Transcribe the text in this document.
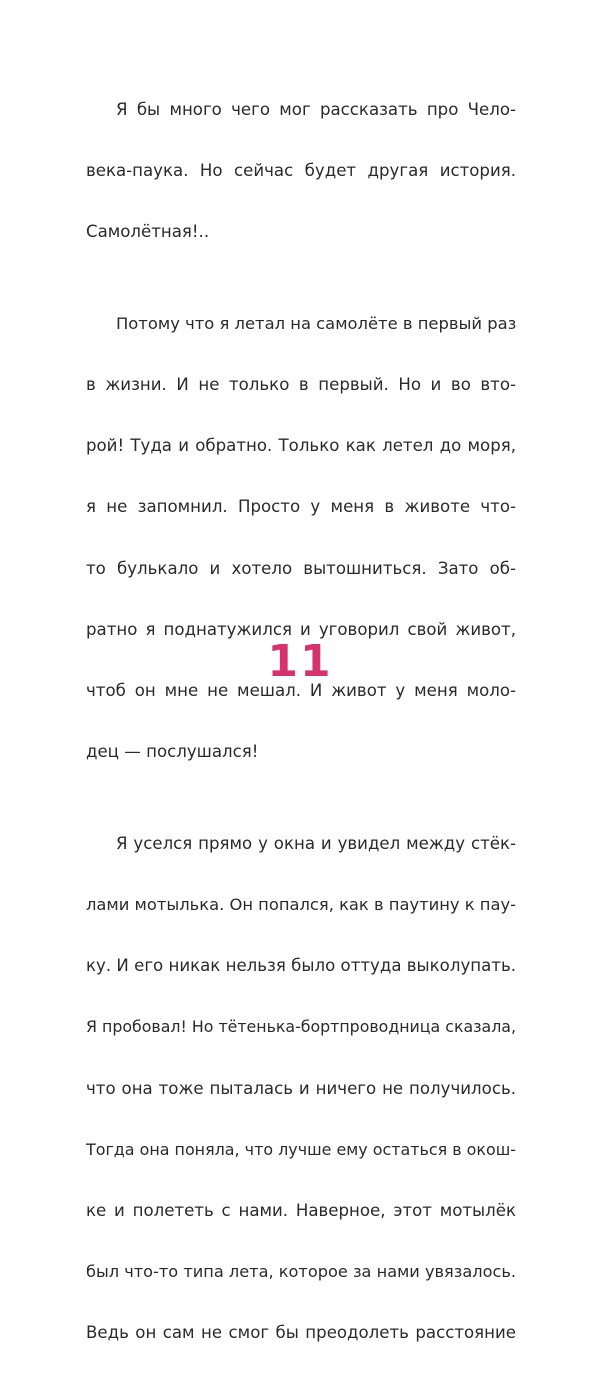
Я бы много чего мог рассказать про Чело-

века-паука. Но сейчас будет другая история.

Самолётная!..

Потому что я летал на самолёте в первый раз

в жизни. И не только в первый. Но и во вто-

рой! Туда и обратно. Только как летел до моря,

я не запомнил. Просто у меня в животе что-

то булькало и хотело вытошниться. Зато об-

ратно я поднатужился и уговорил свой живот,

чтоб он мне не мешал. И живот у меня моло-

дец — послушался!

Я уселся прямо у окна и увидел между стёк-

лами мотылька. Он попался, как в паутину к пау-

ку. И его никак нельзя было оттуда выколупать.

Я пробовал! Но тётенька-бортпроводница сказала,

что она тоже пыталась и ничего не получилось.

Тогда она поняла, что лучше ему остаться в окош-

ке и полететь с нами. Наверное, этот мотылёк

был что-то типа лета, которое за нами увязалось.

Ведь он сам не смог бы преодолеть расстояние

11
